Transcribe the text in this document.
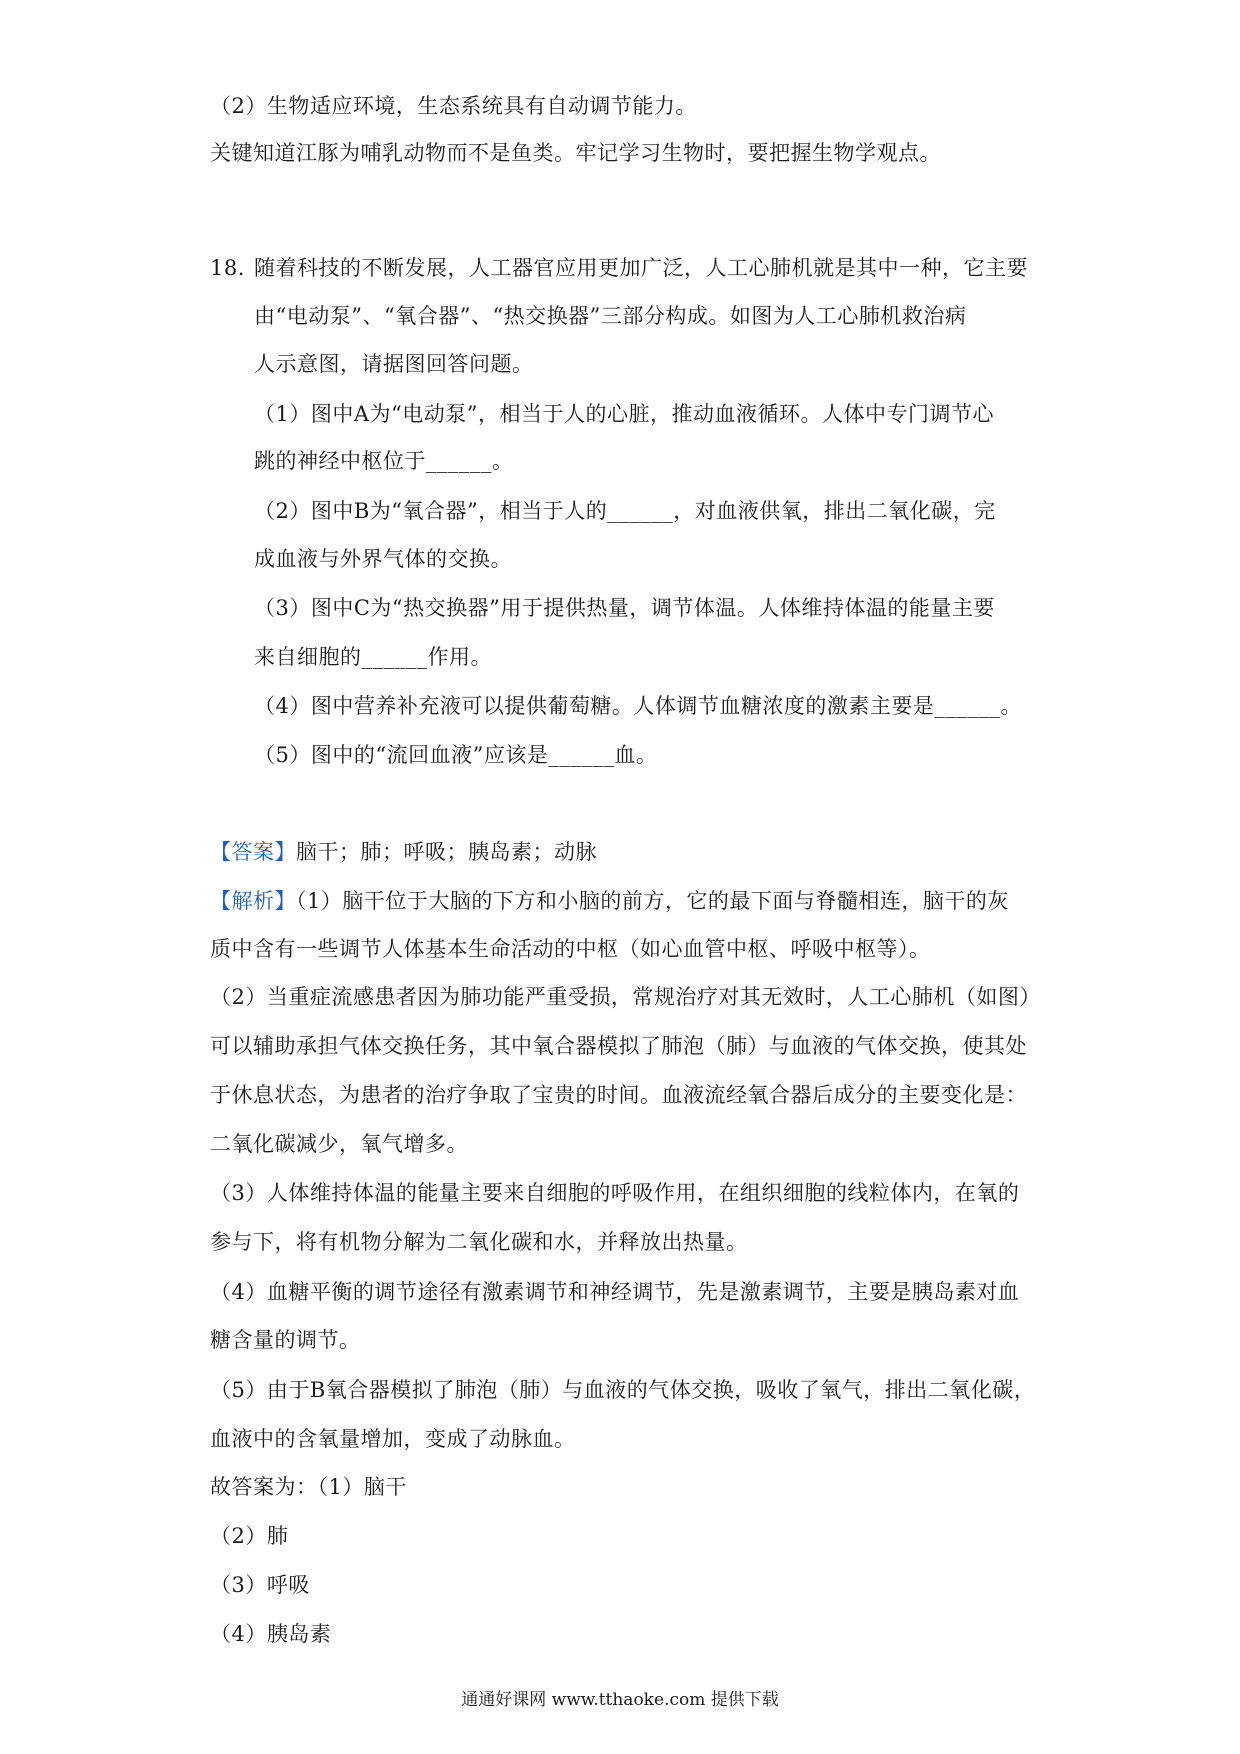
（2）生物适应环境，生态系统具有自动调节能力。
关键知道江豚为哺乳动物而不是鱼类。牢记学习生物时，要把握生物学观点。
18. 随着科技的不断发展，人工器官应用更加广泛，人工心肺机就是其中一种，它主要
由“电动泵”、“氧合器”、“热交换器”三部分构成。如图为人工心肺机救治病
人示意图，请据图回答问题。
（1）图中A为“电动泵”，相当于人的心脏，推动血液循环。人体中专门调节心
跳的神经中枢位于______。
（2）图中B为“氧合器”，相当于人的______，对血液供氧，排出二氧化碳，完
成血液与外界气体的交换。
（3）图中C为“热交换器”用于提供热量，调节体温。人体维持体温的能量主要
来自细胞的______作用。
（4）图中营养补充液可以提供葡萄糖。人体调节血糖浓度的激素主要是______。
（5）图中的“流回血液”应该是______血。
【答案】脑干；肺；呼吸；胰岛素；动脉
【解析】（1）脑干位于大脑的下方和小脑的前方，它的最下面与脊髓相连，脑干的灰
质中含有一些调节人体基本生命活动的中枢（如心血管中枢、呼吸中枢等）。
（2）当重症流感患者因为肺功能严重受损，常规治疗对其无效时，人工心肺机（如图）
可以辅助承担气体交换任务，其中氧合器模拟了肺泡（肺）与血液的气体交换，使其处
于休息状态，为患者的治疗争取了宝贵的时间。血液流经氧合器后成分的主要变化是：
二氧化碳减少，氧气增多。
（3）人体维持体温的能量主要来自细胞的呼吸作用，在组织细胞的线粒体内，在氧的
参与下，将有机物分解为二氧化碳和水，并释放出热量。
（4）血糖平衡的调节途径有激素调节和神经调节，先是激素调节，主要是胰岛素对血
糖含量的调节。
（5）由于B氧合器模拟了肺泡（肺）与血液的气体交换，吸收了氧气，排出二氧化碳，
血液中的含氧量增加，变成了动脉血。
故答案为：（1）脑干
（2）肺
（3）呼吸
（4）胰岛素
通通好课网 www.tthaoke.com 提供下载
